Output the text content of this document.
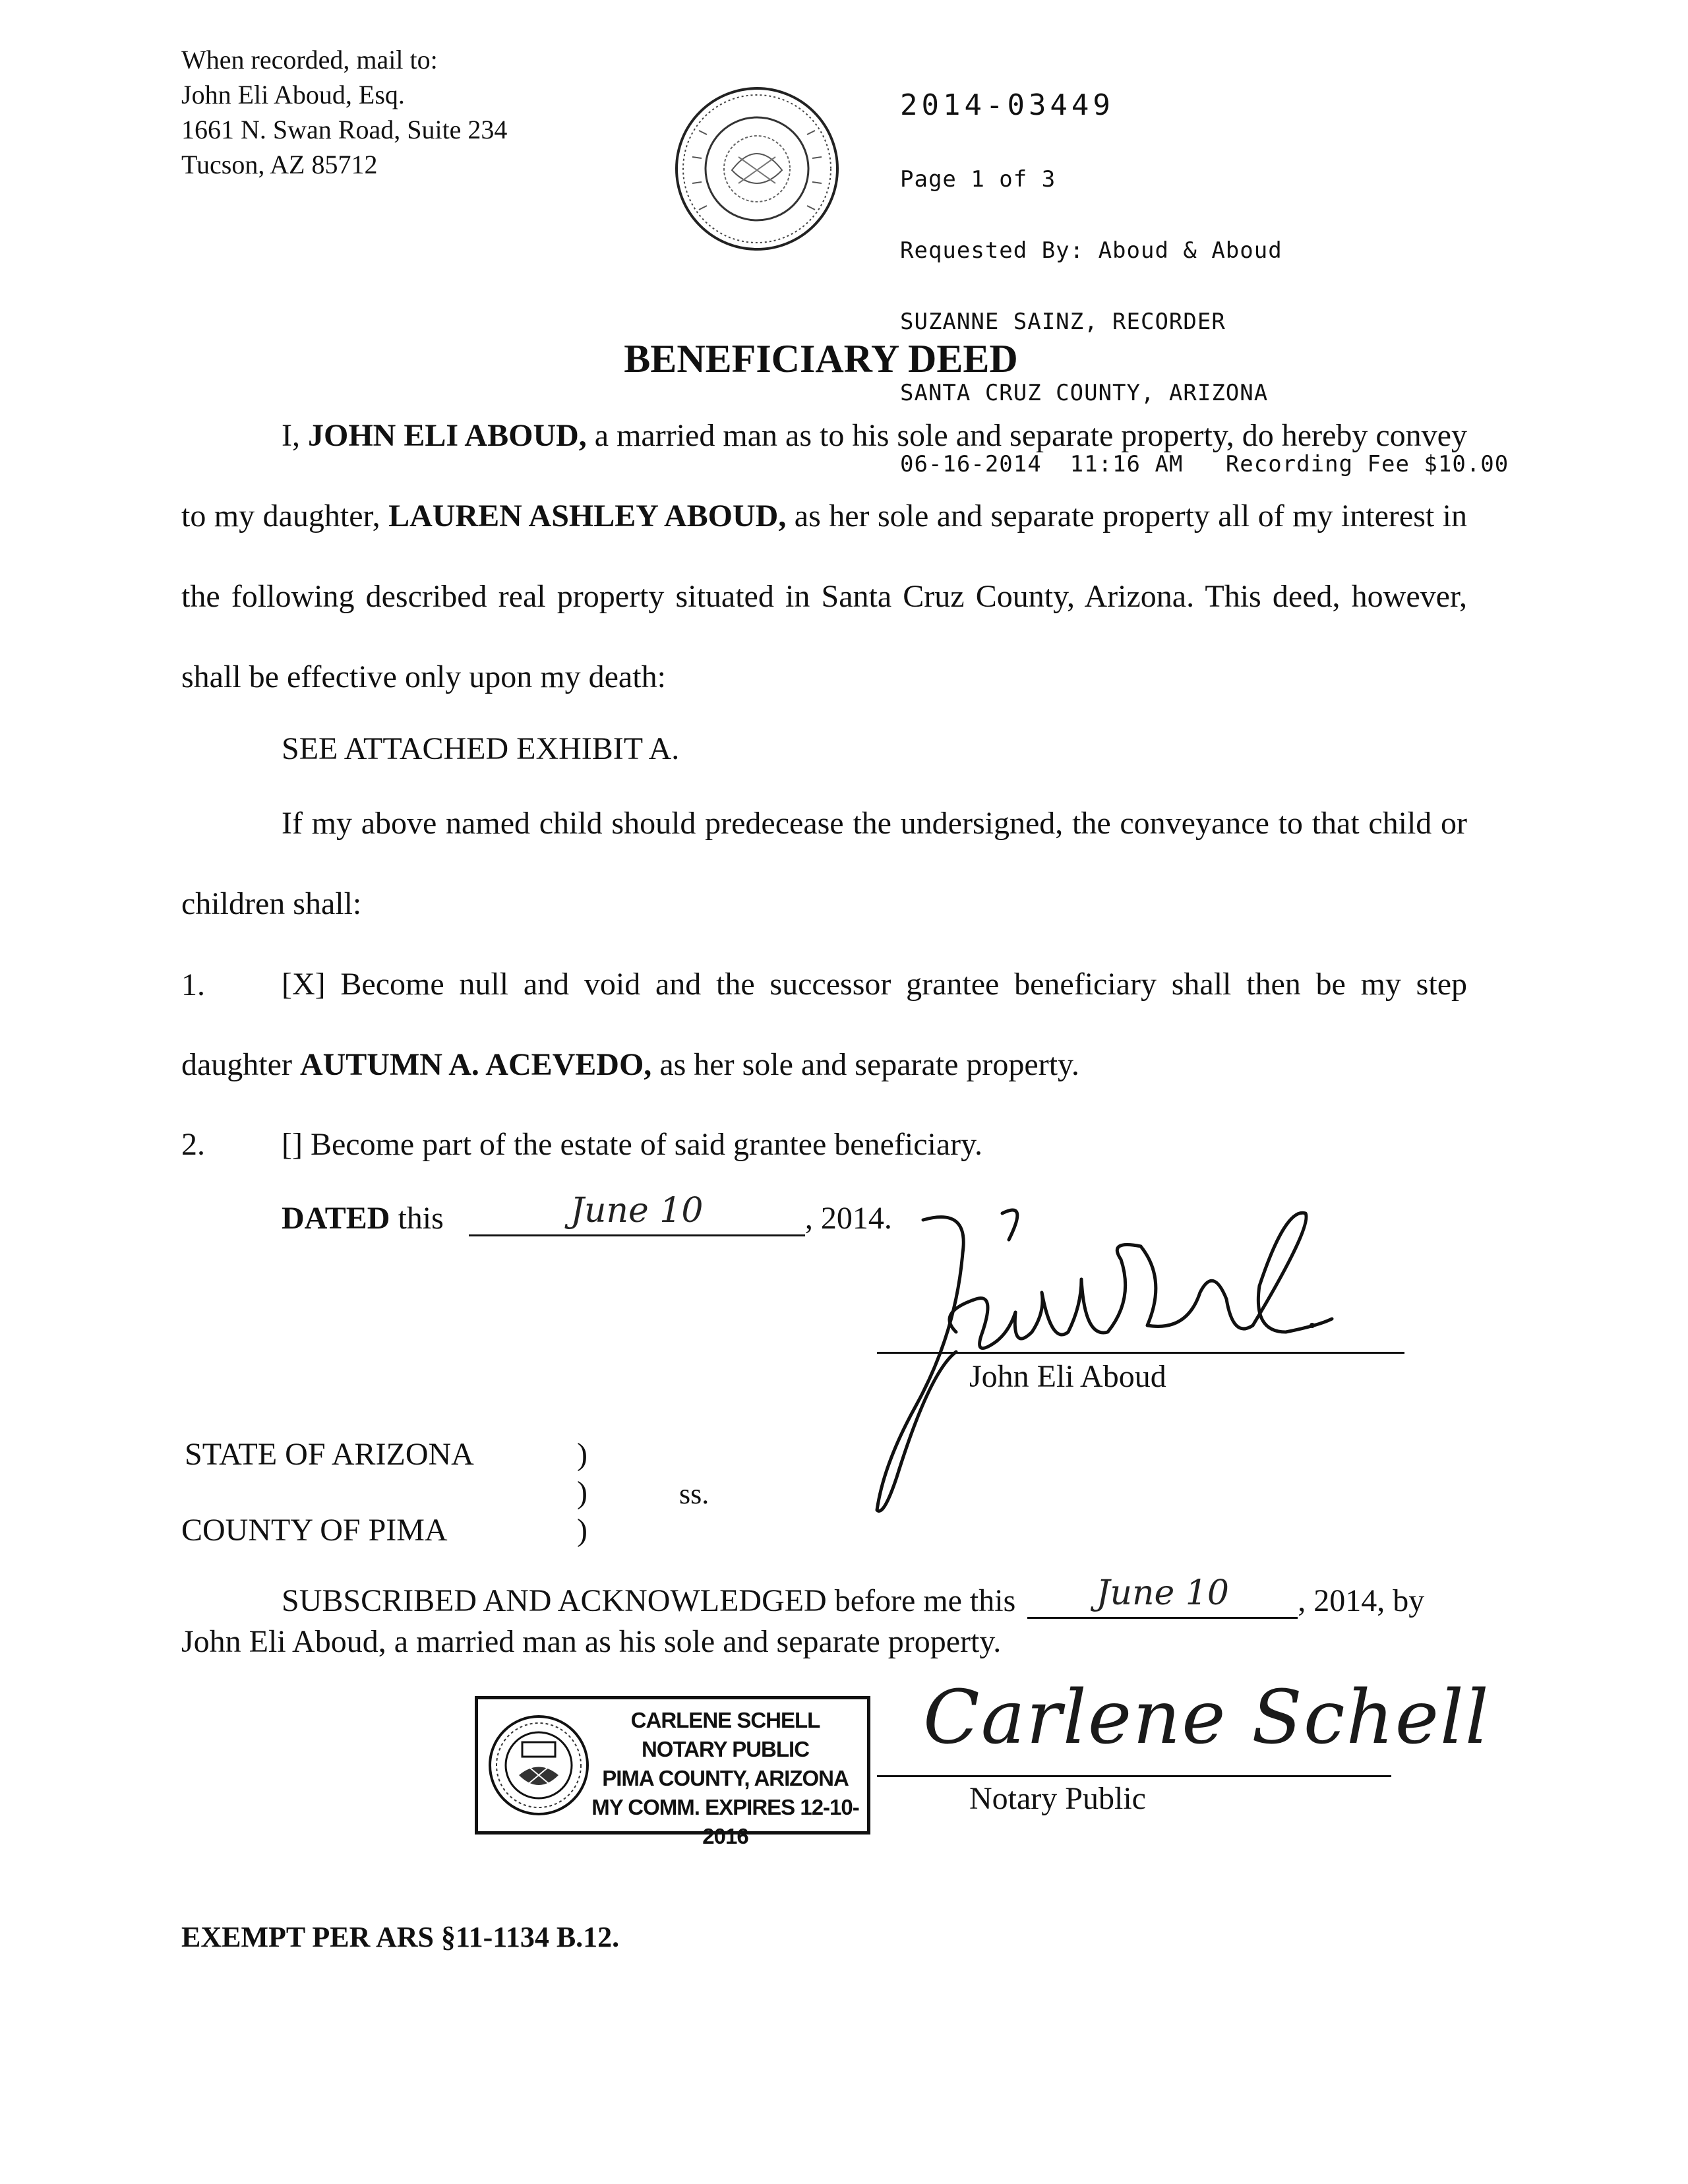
When recorded, mail to:
John Eli Aboud, Esq.
1661 N. Swan Road, Suite 234
Tucson, AZ 85712

2014-03449

Page 1 of 3

Requested By: Aboud & Aboud

SUZANNE SAINZ, RECORDER

SANTA CRUZ COUNTY, ARIZONA

06-16-2014  11:16 AM Recording Fee $10.00

BENEFICIARY DEED
I, JOHN ELI ABOUD, a married man as to his sole and separate property, do hereby convey to my daughter, LAUREN ASHLEY ABOUD, as her sole and separate property all of my interest in the following described real property situated in Santa Cruz County, Arizona. This deed, however, shall be effective only upon my death:
SEE ATTACHED EXHIBIT A.
If my above named child should predecease the undersigned, the conveyance to that child or children shall:
1.	[X] Become null and void and the successor grantee beneficiary shall then be my step daughter AUTUMN A. ACEVEDO, as her sole and separate property.
2. [] Become part of the estate of said grantee beneficiary.
DATED this	June 10	, 2014.
John Eli Aboud
STATE OF ARIZONA	)
)	ss.
COUNTY OF PIMA	)
SUBSCRIBED AND ACKNOWLEDGED before me this	June 10	, 2014, by
John Eli Aboud, a married man as his sole and separate property.
CARLENE SCHELL
NOTARY PUBLIC
PIMA COUNTY, ARIZONA
MY COMM. EXPIRES 12-10-2016
Carlene Schell
Notary Public
EXEMPT PER ARS §11-1134 B.12.
